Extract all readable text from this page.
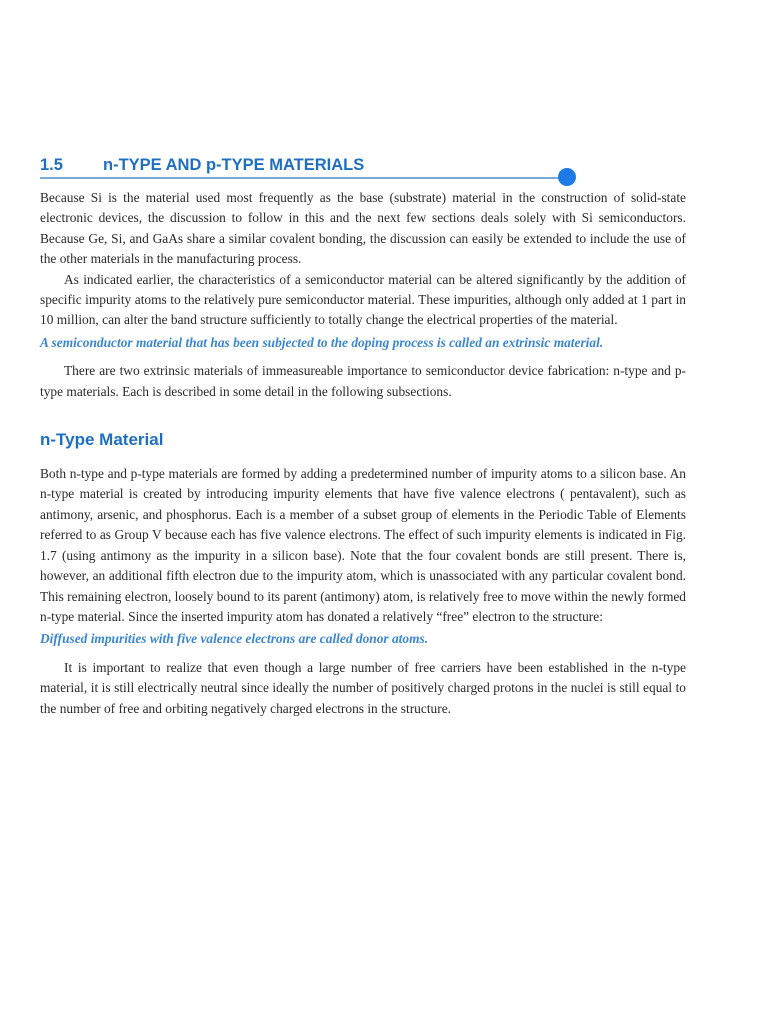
1.5 n-TYPE AND p-TYPE MATERIALS

Because Si is the material used most frequently as the base (substrate) material in the construction of solid-state electronic devices, the discussion to follow in this and the next few sections deals solely with Si semiconductors. Because Ge, Si, and GaAs share a similar covalent bonding, the discussion can easily be extended to include the use of the other materials in the manufacturing process.

As indicated earlier, the characteristics of a semiconductor material can be altered significantly by the addition of specific impurity atoms to the relatively pure semiconductor material. These impurities, although only added at 1 part in 10 million, can alter the band structure sufficiently to totally change the electrical properties of the material.

A semiconductor material that has been subjected to the doping process is called an extrinsic material.

There are two extrinsic materials of immeasureable importance to semiconductor device fabrication: n-type and p-type materials. Each is described in some detail in the following subsections.

n-Type Material

Both n-type and p-type materials are formed by adding a predetermined number of impurity atoms to a silicon base. An n-type material is created by introducing impurity elements that have five valence electrons ( pentavalent), such as antimony, arsenic, and phosphorus. Each is a member of a subset group of elements in the Periodic Table of Elements referred to as Group V because each has five valence electrons. The effect of such impurity elements is indicated in Fig. 1.7 (using antimony as the impurity in a silicon base). Note that the four covalent bonds are still present. There is, however, an additional fifth electron due to the impurity atom, which is unassociated with any particular covalent bond. This remaining electron, loosely bound to its parent (antimony) atom, is relatively free to move within the newly formed n-type material. Since the inserted impurity atom has donated a relatively “free” electron to the structure:

Diffused impurities with five valence electrons are called donor atoms.

It is important to realize that even though a large number of free carriers have been established in the n-type material, it is still electrically neutral since ideally the number of positively charged protons in the nuclei is still equal to the number of free and orbiting negatively charged electrons in the structure.
